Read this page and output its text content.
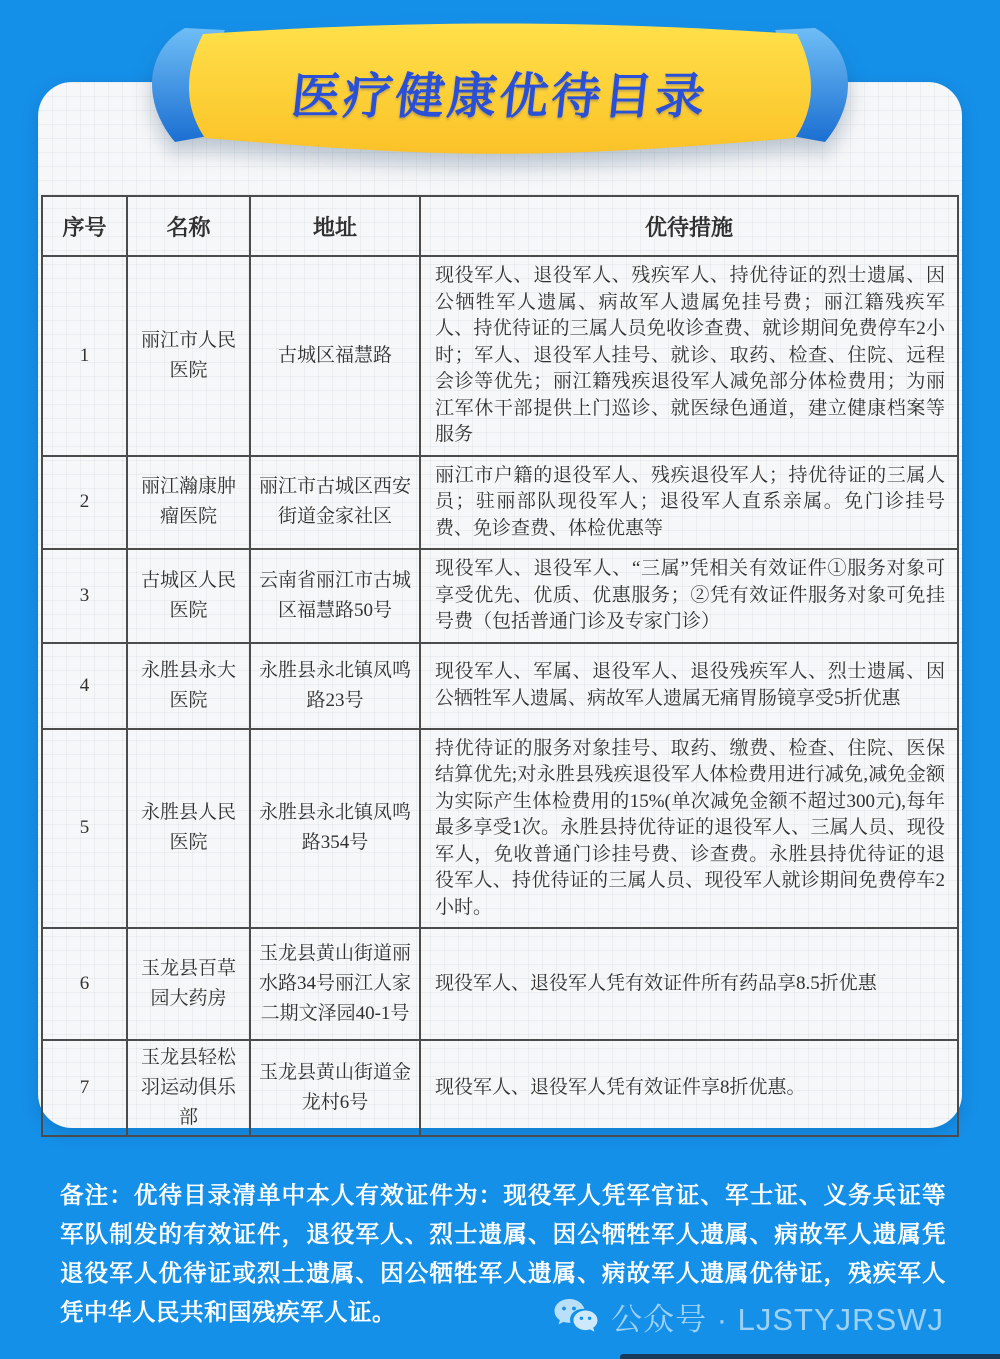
序号	名称	地址	优待措施
1	丽江市人民医院	古城区福慧路	现役军人、退役军人、残疾军人、持优待证的烈士遗属、因公牺牲军人遗属、病故军人遗属免挂号费；丽江籍残疾军人、持优待证的三属人员免收诊查费、就诊期间免费停车2小时；军人、退役军人挂号、就诊、取药、检查、住院、远程会诊等优先；丽江籍残疾退役军人减免部分体检费用；为丽江军休干部提供上门巡诊、就医绿色通道，建立健康档案等服务
2	丽江瀚康肿瘤医院	丽江市古城区西安街道金家社区	丽江市户籍的退役军人、残疾退役军人；持优待证的三属人员；驻丽部队现役军人；退役军人直系亲属。免门诊挂号费、免诊查费、体检优惠等
3	古城区人民医院	云南省丽江市古城区福慧路50号	现役军人、退役军人、“三属”凭相关有效证件①服务对象可享受优先、优质、优惠服务；②凭有效证件服务对象可免挂号费（包括普通门诊及专家门诊）
4	永胜县永大医院	永胜县永北镇凤鸣路23号	现役军人、军属、退役军人、退役残疾军人、烈士遗属、因公牺牲军人遗属、病故军人遗属无痛胃肠镜享受5折优惠
5	永胜县人民医院	永胜县永北镇凤鸣路354号	持优待证的服务对象挂号、取药、缴费、检查、住院、医保结算优先;对永胜县残疾退役军人体检费用进行减免,减免金额为实际产生体检费用的15%(单次减免金额不超过300元),每年最多享受1次。永胜县持优待证的退役军人、三属人员、现役军人，免收普通门诊挂号费、诊查费。永胜县持优待证的退役军人、持优待证的三属人员、现役军人就诊期间免费停车2小时。
6	玉龙县百草园大药房	玉龙县黄山街道丽水路34号丽江人家二期文泽园40-1号	现役军人、退役军人凭有效证件所有药品享8.5折优惠
7	玉龙县轻松羽运动俱乐部	玉龙县黄山街道金龙村6号	现役军人、退役军人凭有效证件享8折优惠。
医疗健康优待目录
备注：优待目录清单中本人有效证件为：现役军人凭军官证、军士证、义务兵证等军队制发的有效证件，退役军人、烈士遗属、因公牺牲军人遗属、病故军人遗属凭退役军人优待证或烈士遗属、因公牺牲军人遗属、病故军人遗属优待证，残疾军人凭中华人民共和国残疾军人证。	公众号 · LJSTYJRSWJ
